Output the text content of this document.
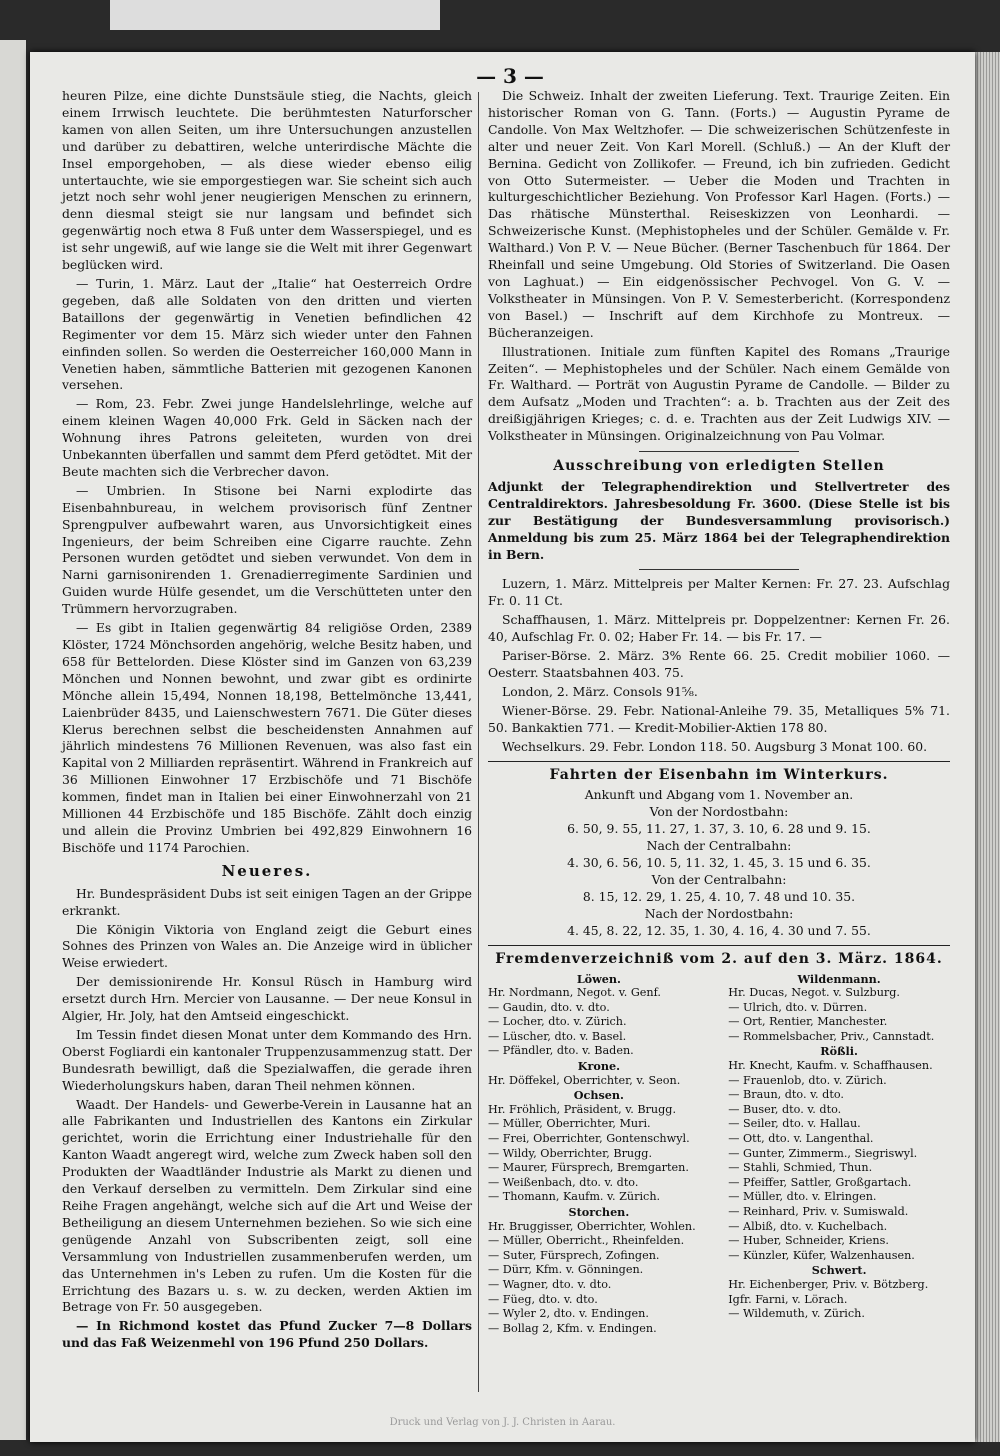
— 3 —

heuren Pilze, eine dichte Dunstsäule stieg, die Nachts, gleich einem Irrwisch leuchtete. Die berühmtesten Naturforscher kamen von allen Seiten, um ihre Untersuchungen anzustellen und darüber zu debattiren, welche unterirdische Mächte die Insel emporgehoben, — als diese wieder ebenso eilig untertauchte, wie sie emporgestiegen war. Sie scheint sich auch jetzt noch sehr wohl jener neugierigen Menschen zu erinnern, denn diesmal steigt sie nur langsam und befindet sich gegenwärtig noch etwa 8 Fuß unter dem Wasserspiegel, und es ist sehr ungewiß, auf wie lange sie die Welt mit ihrer Gegenwart beglücken wird.

— Turin, 1. März. Laut der „Italie“ hat Oesterreich Ordre gegeben, daß alle Soldaten von den dritten und vierten Bataillons der gegenwärtig in Venetien befindlichen 42 Regimenter vor dem 15. März sich wieder unter den Fahnen einfinden sollen. So werden die Oesterreicher 160,000 Mann in Venetien haben, sämmtliche Batterien mit gezogenen Kanonen versehen.

— Rom, 23. Febr. Zwei junge Handelslehrlinge, welche auf einem kleinen Wagen 40,000 Frk. Geld in Säcken nach der Wohnung ihres Patrons geleiteten, wurden von drei Unbekannten überfallen und sammt dem Pferd getödtet. Mit der Beute machten sich die Verbrecher davon.

— Umbrien. In Stisone bei Narni explodirte das Eisenbahnbureau, in welchem provisorisch fünf Zentner Sprengpulver aufbewahrt waren, aus Unvorsichtigkeit eines Ingenieurs, der beim Schreiben eine Cigarre rauchte. Zehn Personen wurden getödtet und sieben verwundet. Von dem in Narni garnisonirenden 1. Grenadierregimente Sardinien und Guiden wurde Hülfe gesendet, um die Verschütteten unter den Trümmern hervorzugraben.

— Es gibt in Italien gegenwärtig 84 religiöse Orden, 2389 Klöster, 1724 Mönchsorden angehörig, welche Besitz haben, und 658 für Bettelorden. Diese Klöster sind im Ganzen von 63,239 Mönchen und Nonnen bewohnt, und zwar gibt es ordinirte Mönche allein 15,494, Nonnen 18,198, Bettelmönche 13,441, Laienbrüder 8435, und Laienschwestern 7671. Die Güter dieses Klerus berechnen selbst die bescheidensten Annahmen auf jährlich mindestens 76 Millionen Revenuen, was also fast ein Kapital von 2 Milliarden repräsentirt. Während in Frankreich auf 36 Millionen Einwohner 17 Erzbischöfe und 71 Bischöfe kommen, findet man in Italien bei einer Einwohnerzahl von 21 Millionen 44 Erzbischöfe und 185 Bischöfe. Zählt doch einzig und allein die Provinz Umbrien bei 492,829 Einwohnern 16 Bischöfe und 1174 Parochien.

Neueres.

Hr. Bundespräsident Dubs ist seit einigen Tagen an der Grippe erkrankt.

Die Königin Viktoria von England zeigt die Geburt eines Sohnes des Prinzen von Wales an. Die Anzeige wird in üblicher Weise erwiedert.

Der demissionirende Hr. Konsul Rüsch in Hamburg wird ersetzt durch Hrn. Mercier von Lausanne. — Der neue Konsul in Algier, Hr. Joly, hat den Amtseid eingeschickt.

Im Tessin findet diesen Monat unter dem Kommando des Hrn. Oberst Fogliardi ein kantonaler Truppenzusammenzug statt. Der Bundesrath bewilligt, daß die Spezialwaffen, die gerade ihren Wiederholungskurs haben, daran Theil nehmen können.

Waadt. Der Handels- und Gewerbe-Verein in Lausanne hat an alle Fabrikanten und Industriellen des Kantons ein Zirkular gerichtet, worin die Errichtung einer Industriehalle für den Kanton Waadt angeregt wird, welche zum Zweck haben soll den Produkten der Waadtländer Industrie als Markt zu dienen und den Verkauf derselben zu vermitteln. Dem Zirkular sind eine Reihe Fragen angehängt, welche sich auf die Art und Weise der Betheiligung an diesem Unternehmen beziehen. So wie sich eine genügende Anzahl von Subscribenten zeigt, soll eine Versammlung von Industriellen zusammenberufen werden, um das Unternehmen in's Leben zu rufen. Um die Kosten für die Errichtung des Bazars u. s. w. zu decken, werden Aktien im Betrage von Fr. 50 ausgegeben.

— In Richmond kostet das Pfund Zucker 7—8 Dollars und das Faß Weizenmehl von 196 Pfund 250 Dollars.

Die Schweiz. Inhalt der zweiten Lieferung. Text. Traurige Zeiten. Ein historischer Roman von G. Tann. (Forts.) — Augustin Pyrame de Candolle. Von Max Weltzhofer. — Die schweizerischen Schützenfeste in alter und neuer Zeit. Von Karl Morell. (Schluß.) — An der Kluft der Bernina. Gedicht von Zollikofer. — Freund, ich bin zufrieden. Gedicht von Otto Sutermeister. — Ueber die Moden und Trachten in kulturgeschichtlicher Beziehung. Von Professor Karl Hagen. (Forts.) — Das rhätische Münsterthal. Reiseskizzen von Leonhardi. — Schweizerische Kunst. (Mephistopheles und der Schüler. Gemälde v. Fr. Walthard.) Von P. V. — Neue Bücher. (Berner Taschenbuch für 1864. Der Rheinfall und seine Umgebung. Old Stories of Switzerland. Die Oasen von Laghuat.) — Ein eidgenössischer Pechvogel. Von G. V. — Volkstheater in Münsingen. Von P. V. Semesterbericht. (Korrespondenz von Basel.) — Inschrift auf dem Kirchhofe zu Montreux. — Bücheranzeigen.

Illustrationen. Initiale zum fünften Kapitel des Romans „Traurige Zeiten“. — Mephistopheles und der Schüler. Nach einem Gemälde von Fr. Walthard. — Porträt von Augustin Pyrame de Candolle. — Bilder zu dem Aufsatz „Moden und Trachten“: a. b. Trachten aus der Zeit des dreißigjährigen Krieges; c. d. e. Trachten aus der Zeit Ludwigs XIV. — Volkstheater in Münsingen. Originalzeichnung von Pau Volmar.

Ausschreibung von erledigten Stellen

Adjunkt der Telegraphendirektion und Stellvertreter des Centraldirektors. Jahresbesoldung Fr. 3600. (Diese Stelle ist bis zur Bestätigung der Bundesversammlung provisorisch.) Anmeldung bis zum 25. März 1864 bei der Telegraphendirektion in Bern.

Luzern, 1. März. Mittelpreis per Malter Kernen: Fr. 27. 23. Aufschlag Fr. 0. 11 Ct.

Schaffhausen, 1. März. Mittelpreis pr. Doppelzentner: Kernen Fr. 26. 40, Aufschlag Fr. 0. 02; Haber Fr. 14. — bis Fr. 17. —

Pariser-Börse. 2. März. 3% Rente 66. 25. Credit mobilier 1060. — Oesterr. Staatsbahnen 403. 75.

London, 2. März. Consols 91⅝.

Wiener-Börse. 29. Febr. National-Anleihe 79. 35, Metalliques 5% 71. 50. Bankaktien 771. — Kredit-Mobilier-Aktien 178 80.

Wechselkurs. 29. Febr. London 118. 50. Augsburg 3 Monat 100. 60.

Fahrten der Eisenbahn im Winterkurs.
Ankunft und Abgang vom 1. November an.
Von der Nordostbahn:
6. 50, 9. 55, 11. 27, 1. 37, 3. 10, 6. 28 und 9. 15.
Nach der Centralbahn:
4. 30, 6. 56, 10. 5, 11. 32, 1. 45, 3. 15 und 6. 35.
Von der Centralbahn:
8. 15, 12. 29, 1. 25, 4. 10, 7. 48 und 10. 35.
Nach der Nordostbahn:
4. 45, 8. 22, 12. 35, 1. 30, 4. 16, 4. 30 und 7. 55.
Fremdenverzeichniß vom 2. auf den 3. März. 1864.
Löwen.
Hr. Nordmann, Negot. v. Genf.
— Gaudin, dto. v. dto.
— Locher, dto. v. Zürich.
— Lüscher, dto. v. Basel.
— Pfändler, dto. v. Baden.
Krone.
Hr. Döffekel, Oberrichter, v. Seon.
Ochsen.
Hr. Fröhlich, Präsident, v. Brugg.
— Müller, Oberrichter, Muri.
— Frei, Oberrichter, Gontenschwyl.
— Wildy, Oberrichter, Brugg.
— Maurer, Fürsprech, Bremgarten.
— Weißenbach, dto. v. dto.
— Thomann, Kaufm. v. Zürich.
Storchen.
Hr. Bruggisser, Oberrichter, Wohlen.
— Müller, Oberricht., Rheinfelden.
— Suter, Fürsprech, Zofingen.
— Dürr, Kfm. v. Gönningen.
— Wagner, dto. v. dto.
— Füeg, dto. v. dto.
— Wyler 2, dto. v. Endingen.
— Bollag 2, Kfm. v. Endingen.
Wildenmann.
Hr. Ducas, Negot. v. Sulzburg.
— Ulrich, dto. v. Dürren.
— Ort, Rentier, Manchester.
— Rommelsbacher, Priv., Cannstadt.
Rößli.
Hr. Knecht, Kaufm. v. Schaffhausen.
— Frauenlob, dto. v. Zürich.
— Braun, dto. v. dto.
— Buser, dto. v. dto.
— Seiler, dto. v. Hallau.
— Ott, dto. v. Langenthal.
— Gunter, Zimmerm., Siegriswyl.
— Stahli, Schmied, Thun.
— Pfeiffer, Sattler, Großgartach.
— Müller, dto. v. Elringen.
— Reinhard, Priv. v. Sumiswald.
— Albiß, dto. v. Kuchelbach.
— Huber, Schneider, Kriens.
— Künzler, Küfer, Walzenhausen.
Schwert.
Hr. Eichenberger, Priv. v. Bötzberg.
Igfr. Farni, v. Lörach.
— Wildemuth, v. Zürich.
Druck und Verlag von J. J. Christen in Aarau.
